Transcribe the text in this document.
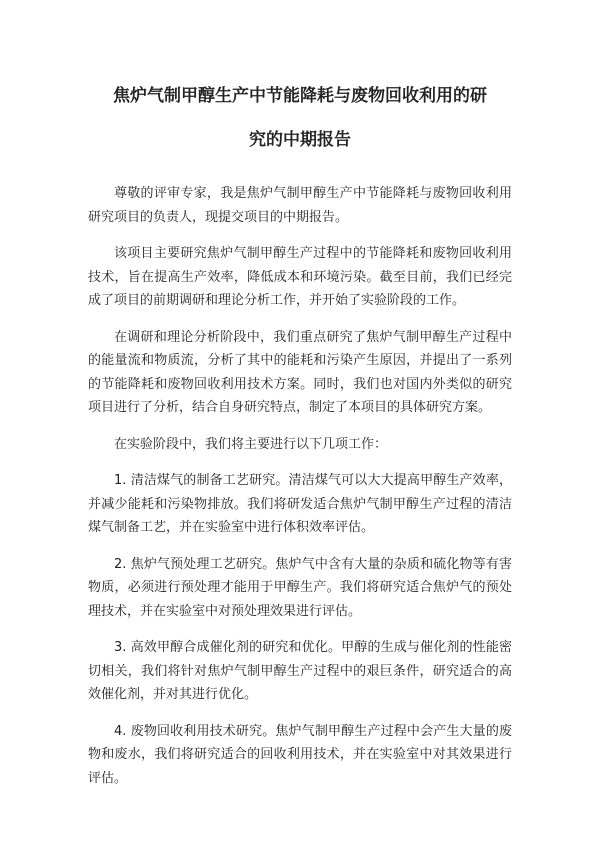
焦炉气制甲醇生产中节能降耗与废物回收利用的研
究的中期报告

尊敬的评审专家，我是焦炉气制甲醇生产中节能降耗与废物回收利用研究项目的负责人，现提交项目的中期报告。

该项目主要研究焦炉气制甲醇生产过程中的节能降耗和废物回收利用技术，旨在提高生产效率，降低成本和环境污染。截至目前，我们已经完成了项目的前期调研和理论分析工作，并开始了实验阶段的工作。

在调研和理论分析阶段中，我们重点研究了焦炉气制甲醇生产过程中的能量流和物质流，分析了其中的能耗和污染产生原因，并提出了一系列的节能降耗和废物回收利用技术方案。同时，我们也对国内外类似的研究项目进行了分析，结合自身研究特点，制定了本项目的具体研究方案。

在实验阶段中，我们将主要进行以下几项工作：

1. 清洁煤气的制备工艺研究。清洁煤气可以大大提高甲醇生产效率，并减少能耗和污染物排放。我们将研发适合焦炉气制甲醇生产过程的清洁煤气制备工艺，并在实验室中进行体积效率评估。

2. 焦炉气预处理工艺研究。焦炉气中含有大量的杂质和硫化物等有害物质，必须进行预处理才能用于甲醇生产。我们将研究适合焦炉气的预处理技术，并在实验室中对预处理效果进行评估。

3. 高效甲醇合成催化剂的研究和优化。甲醇的生成与催化剂的性能密切相关，我们将针对焦炉气制甲醇生产过程中的艰巨条件，研究适合的高效催化剂，并对其进行优化。

4. 废物回收利用技术研究。焦炉气制甲醇生产过程中会产生大量的废物和废水，我们将研究适合的回收利用技术，并在实验室中对其效果进行评估。
